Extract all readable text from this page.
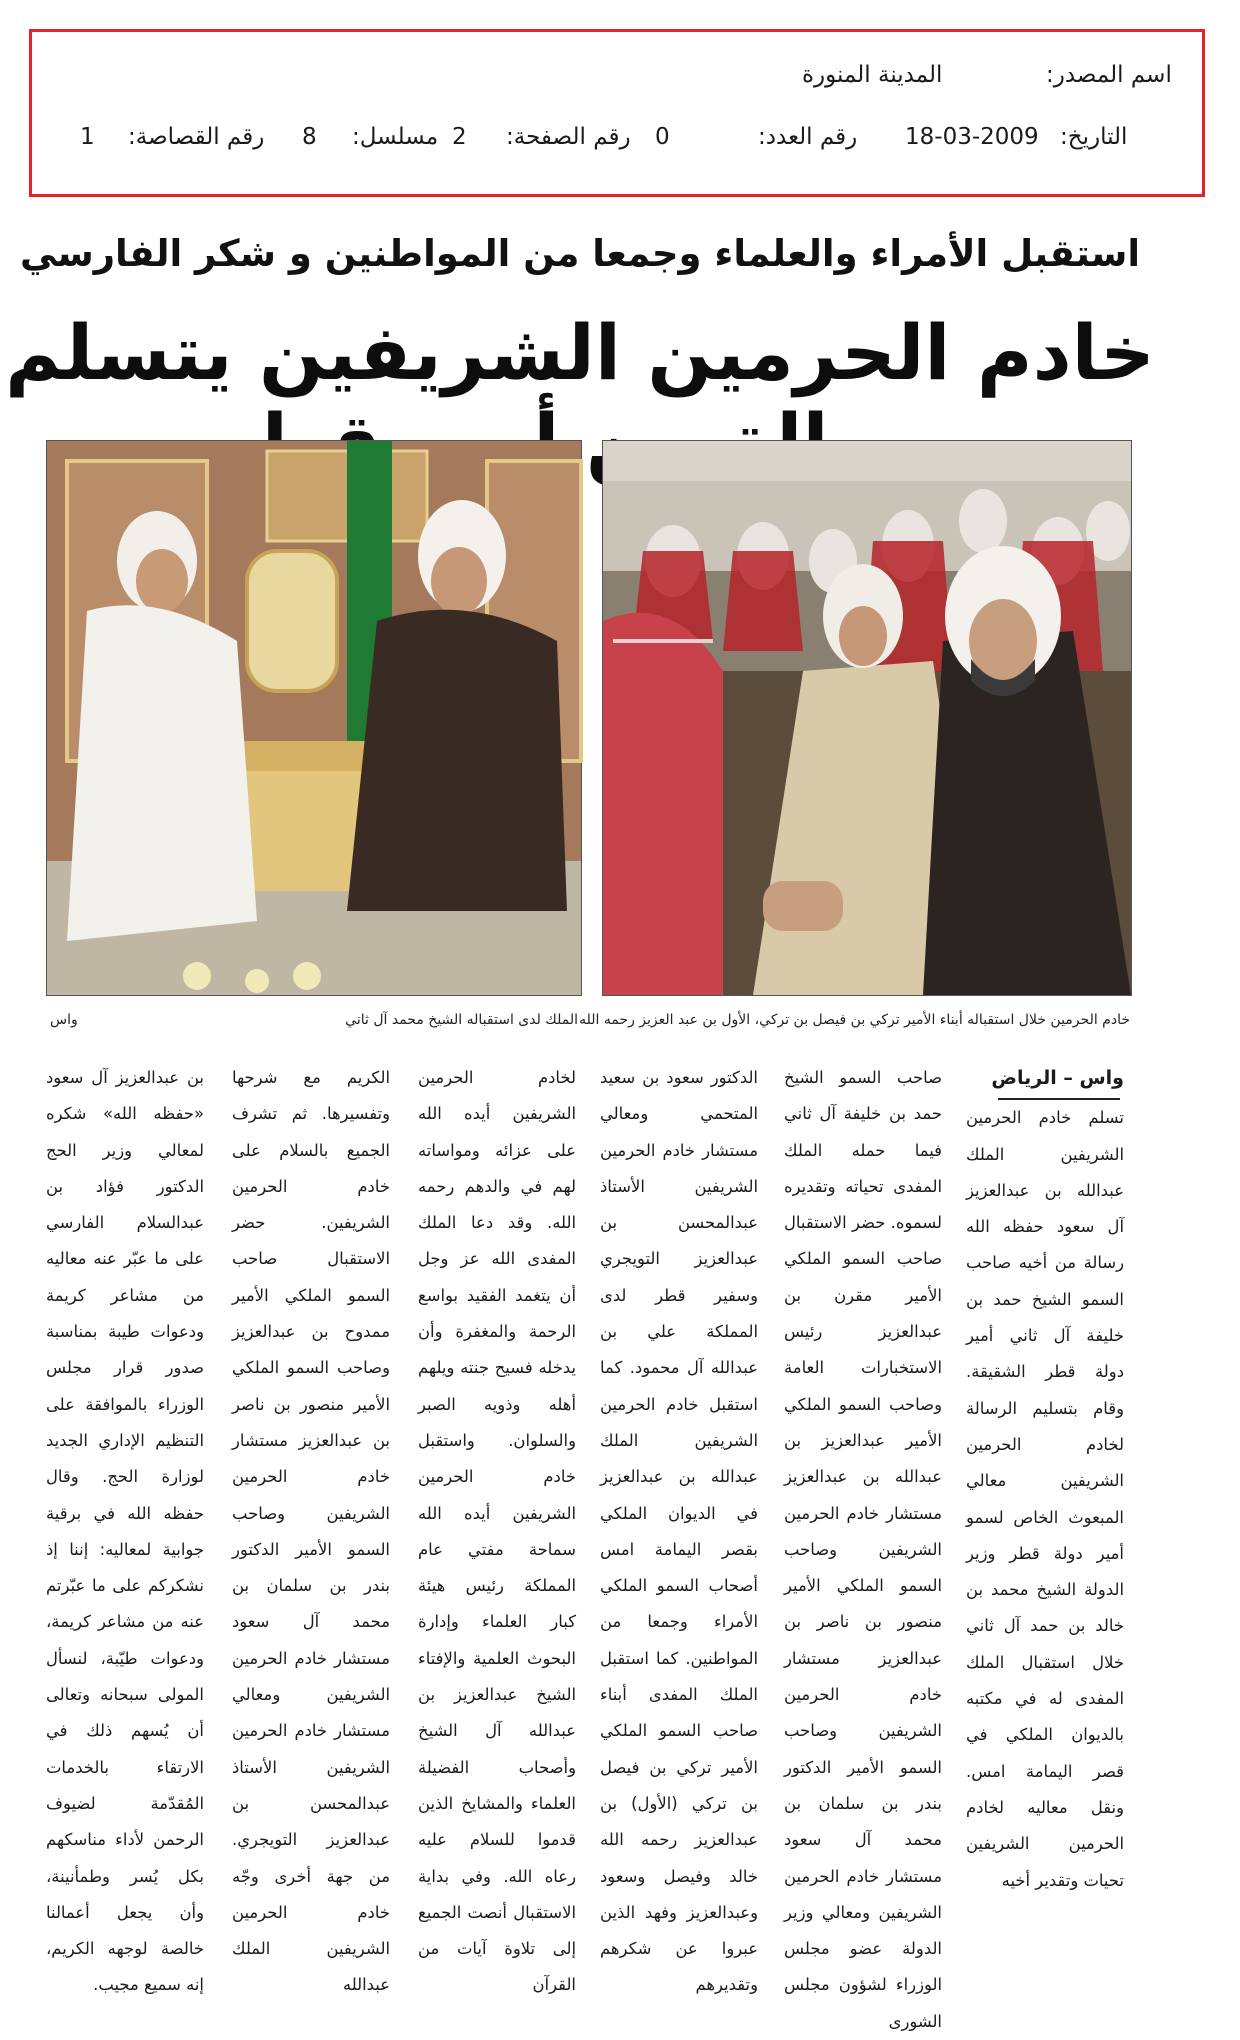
اسم المصدر:
المدينة المنورة
التاريخ:
18-03-2009
رقم العدد:
0
رقم الصفحة:
2
مسلسل:
8
رقم القصاصة:
1
استقبل الأمراء والعلماء وجمعا من المواطنين و شكر الفارسي
خادم الحرمين الشريفين يتسلم
خادم الحرمين خلال استقباله أبناء الأمير تركي بن فيصل بن تركي، الأول بن عبد العزيز رحمه الله
الملك لدى استقباله الشيخ محمد آل ثاني
واس
واس – الرياض

تسلم خادم الحرمين الشريفين الملك عبدالله بن عبدالعزيز آل سعود حفظه الله رسالة من أخيه صاحب السمو الشيخ حمد بن خليفة آل ثاني أمير دولة قطر الشقيقة. وقام بتسليم الرسالة لخادم الحرمين الشريفين معالي المبعوث الخاص لسمو أمير دولة قطر وزير الدولة الشيخ محمد بن خالد بن حمد آل ثاني خلال استقبال الملك المفدى له في مكتبه بالديوان الملكي في قصر اليمامة امس. ونقل معاليه لخادم الحرمين الشريفين تحيات وتقدير أخيه

صاحب السمو الشيخ حمد بن خليفة آل ثاني فيما حمله الملك المفدى تحياته وتقديره لسموه. حضر الاستقبال صاحب السمو الملكي الأمير مقرن بن عبدالعزيز رئيس الاستخبارات العامة وصاحب السمو الملكي الأمير عبدالعزيز بن عبدالله بن عبدالعزيز مستشار خادم الحرمين الشريفين وصاحب السمو الملكي الأمير منصور بن ناصر بن عبدالعزيز مستشار خادم الحرمين الشريفين وصاحب السمو الأمير الدكتور بندر بن سلمان بن محمد آل سعود مستشار خادم الحرمين الشريفين ومعالي وزير الدولة عضو مجلس الوزراء لشؤون مجلس الشورى

الدكتور سعود بن سعيد المتحمي ومعالي مستشار خادم الحرمين الشريفين الأستاذ عبدالمحسن بن عبدالعزيز التويجري وسفير قطر لدى المملكة علي بن عبدالله آل محمود. كما استقبل خادم الحرمين الشريفين الملك عبدالله بن عبدالعزيز في الديوان الملكي بقصر اليمامة امس أصحاب السمو الملكي الأمراء وجمعا من المواطنين. كما استقبل الملك المفدى أبناء صاحب السمو الملكي الأمير تركي بن فيصل بن تركي (الأول) بن عبدالعزيز رحمه الله خالد وفيصل وسعود وعبدالعزيز وفهد الذين عبروا عن شكرهم وتقديرهم

لخادم الحرمين الشريفين أيده الله على عزائه ومواساته لهم في والدهم رحمه الله. وقد دعا الملك المفدى الله عز وجل أن يتغمد الفقيد بواسع الرحمة والمغفرة وأن يدخله فسيح جنته ويلهم أهله وذويه الصبر والسلوان. واستقبل خادم الحرمين الشريفين أيده الله سماحة مفتي عام المملكة رئيس هيئة كبار العلماء وإدارة البحوث العلمية والإفتاء الشيخ عبدالعزيز بن عبدالله آل الشيخ وأصحاب الفضيلة العلماء والمشايخ الذين قدموا للسلام عليه رعاه الله. وفي بداية الاستقبال أنصت الجميع إلى تلاوة آيات من القرآن

الكريم مع شرحها وتفسيرها. ثم تشرف الجميع بالسلام على خادم الحرمين الشريفين. حضر الاستقبال صاحب السمو الملكي الأمير ممدوح بن عبدالعزيز وصاحب السمو الملكي الأمير منصور بن ناصر بن عبدالعزيز مستشار خادم الحرمين الشريفين وصاحب السمو الأمير الدكتور بندر بن سلمان بن محمد آل سعود مستشار خادم الحرمين الشريفين ومعالي مستشار خادم الحرمين الشريفين الأستاذ عبدالمحسن بن عبدالعزيز التويجري. من جهة أخرى وجّه خادم الحرمين الشريفين الملك عبدالله

بن عبدالعزيز آل سعود «حفظه الله» شكره لمعالي وزير الحج الدكتور فؤاد بن عبدالسلام الفارسي على ما عبّر عنه معاليه من مشاعر كريمة ودعوات طيبة بمناسبة صدور قرار مجلس الوزراء بالموافقة على التنظيم الإداري الجديد لوزارة الحج. وقال حفظه الله في برقية جوابية لمعاليه: إننا إذ نشكركم على ما عبّرتم عنه من مشاعر كريمة، ودعوات طيّبة، لنسأل المولى سبحانه وتعالى أن يُسهم ذلك في الارتقاء بالخدمات المُقدّمة لضيوف الرحمن لأداء مناسكهم بكل يُسر وطمأنينة، وأن يجعل أعمالنا خالصة لوجهه الكريم، إنه سميع مجيب.
